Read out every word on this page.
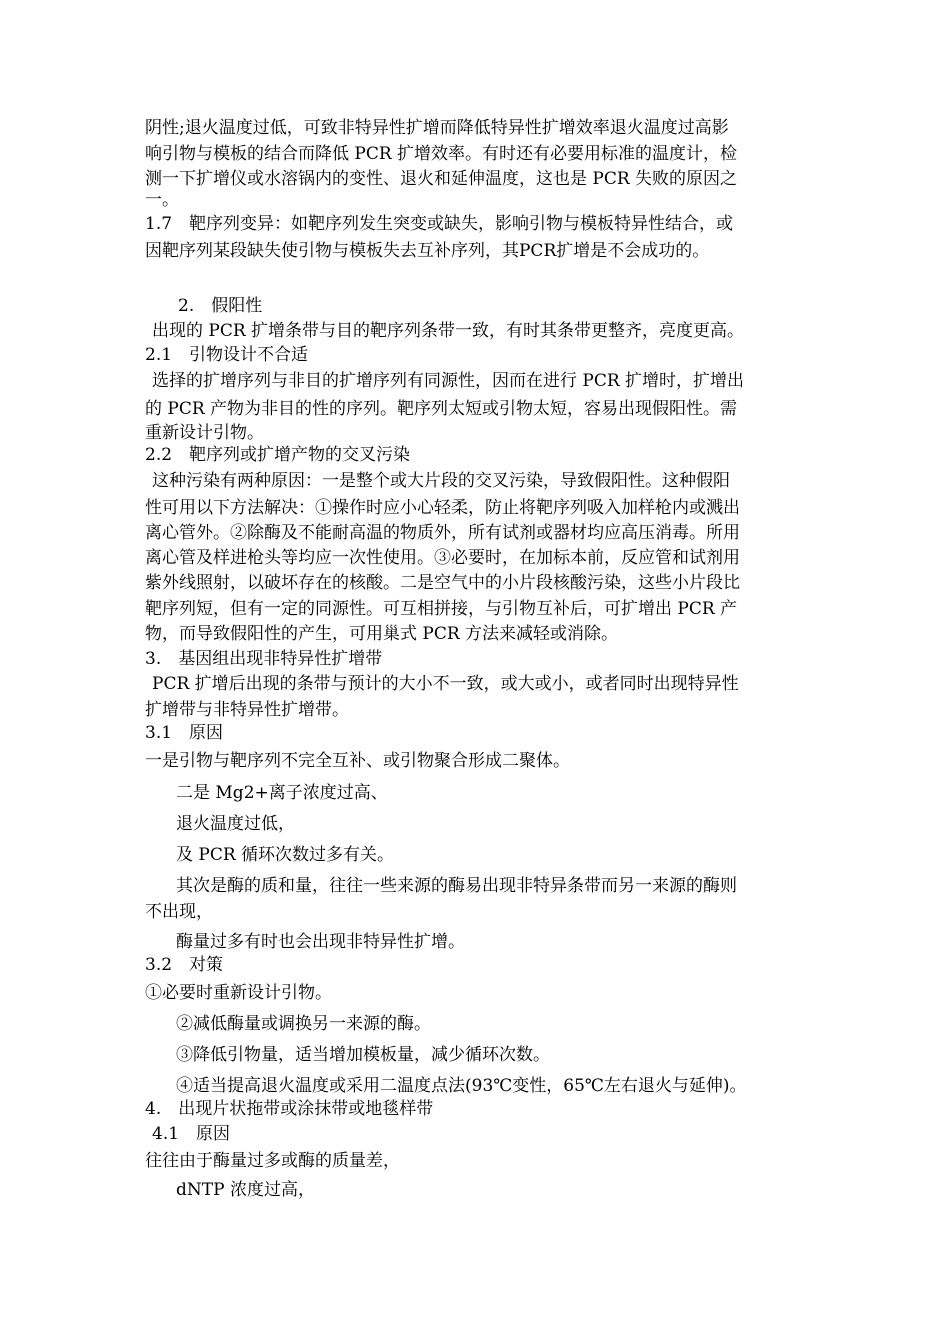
阴性;退火温度过低，可致非特异性扩增而降低特异性扩增效率退火温度过高影
响引物与模板的结合而降低 PCR 扩增效率。有时还有必要用标准的温度计，检
测一下扩增仪或水溶锅内的变性、退火和延伸温度，这也是 PCR 失败的原因之
一。
1.7　靶序列变异：如靶序列发生突变或缺失，影响引物与模板特异性结合，或
因靶序列某段缺失使引物与模板失去互补序列，其PCR扩增是不会成功的。
2.　假阳性
出现的 PCR 扩增条带与目的靶序列条带一致，有时其条带更整齐，亮度更高。
2.1　引物设计不合适
选择的扩增序列与非目的扩增序列有同源性，因而在进行 PCR 扩增时，扩增出
的 PCR 产物为非目的性的序列。靶序列太短或引物太短，容易出现假阳性。需
重新设计引物。
2.2　靶序列或扩增产物的交叉污染
这种污染有两种原因：一是整个或大片段的交叉污染，导致假阳性。这种假阳
性可用以下方法解决：①操作时应小心轻柔，防止将靶序列吸入加样枪内或溅出
离心管外。②除酶及不能耐高温的物质外，所有试剂或器材均应高压消毒。所用
离心管及样进枪头等均应一次性使用。③必要时，在加标本前，反应管和试剂用
紫外线照射，以破坏存在的核酸。二是空气中的小片段核酸污染，这些小片段比
靶序列短，但有一定的同源性。可互相拼接，与引物互补后，可扩增出 PCR 产
物，而导致假阳性的产生，可用巢式 PCR 方法来减轻或消除。
3.　基因组出现非特异性扩增带
PCR 扩增后出现的条带与预计的大小不一致，或大或小，或者同时出现特异性
扩增带与非特异性扩增带。
3.1　原因
一是引物与靶序列不完全互补、或引物聚合形成二聚体。
二是 Mg2+离子浓度过高、
退火温度过低，
及 PCR 循环次数过多有关。
其次是酶的质和量，往往一些来源的酶易出现非特异条带而另一来源的酶则
不出现，
酶量过多有时也会出现非特异性扩增。
3.2　对策
①必要时重新设计引物。
②减低酶量或调换另一来源的酶。
③降低引物量，适当增加模板量，减少循环次数。
④适当提高退火温度或采用二温度点法(93℃变性，65℃左右退火与延伸)。
4.　出现片状拖带或涂抹带或地毯样带
4.1　原因
往往由于酶量过多或酶的质量差，
dNTP 浓度过高，
